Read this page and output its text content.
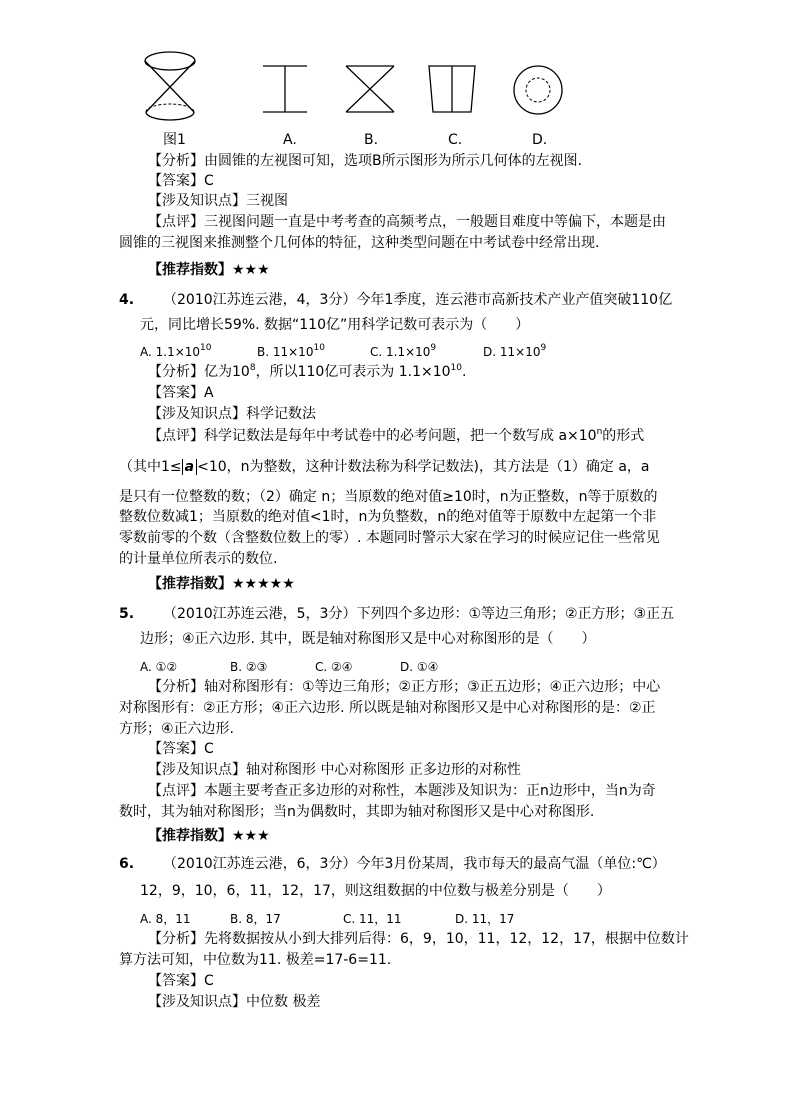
图1	A.	B.	C.	D.
【分析】由圆锥的左视图可知，选项B所示图形为所示几何体的左视图.
【答案】C
【涉及知识点】三视图
【点评】三视图问题一直是中考考查的高频考点，一般题目难度中等偏下，本题是由
圆锥的三视图来推测整个几何体的特征，这种类型问题在中考试卷中经常出现.
【推荐指数】★★★
4. （2010江苏连云港，4，3分）今年1季度，连云港市高新技术产业产值突破110亿
元，同比增长59%. 数据“110亿”用科学记数可表示为（　　）
A. $1.1\times 10^{10}$	B. $11\times 10^{10}$	C. $1.1\times 10^9$	D. $11\times 10^9$
【分析】亿为$10^8$，所以110亿可表示为 $1.1\times 10^{10}$.
【答案】A
【涉及知识点】科学记数法
【点评】科学记数法是每年中考试卷中的必考问题，把一个数写成 $a\times 10^n$的形式
（其中1≤ a <10，n为整数，这种计数法称为科学记数法)，其方法是（1）确定 a，a
是只有一位整数的数；（2）确定 n；当原数的绝对值≥10时，n为正整数，n等于原数的
整数位数减1；当原数的绝对值<1时，n为负整数，n的绝对值等于原数中左起第一个非
零数前零的个数（含整数位数上的零）. 本题同时警示大家在学习的时候应记住一些常见
的计量单位所表示的数位.
【推荐指数】★★★★★
5. （2010江苏连云港，5，3分）下列四个多边形：①等边三角形；②正方形；③正五
边形；④正六边形. 其中，既是轴对称图形又是中心对称图形的是（　　）
A. ①②	B. ②③	C. ②④	D. ①④
【分析】轴对称图形有：①等边三角形；②正方形；③正五边形；④正六边形；中心
对称图形有：②正方形；④正六边形. 所以既是轴对称图形又是中心对称图形的是：②正
方形；④正六边形.
【答案】C
【涉及知识点】轴对称图形 中心对称图形 正多边形的对称性
【点评】本题主要考查正多边形的对称性，本题涉及知识为：正n边形中，当n为奇
数时，其为轴对称图形；当n为偶数时，其即为轴对称图形又是中心对称图形.
【推荐指数】★★★
6. （2010江苏连云港，6，3分）今年3月份某周，我市每天的最高气温（单位:℃）
12，9，10，6，11，12，17，则这组数据的中位数与极差分别是（　　）
A. 8，11	B. 8，17	C. 11，11	D. 11，17
【分析】先将数据按从小到大排列后得：6，9，10，11，12，12，17，根据中位数计
算方法可知，中位数为11. 极差=17-6=11.
【答案】C
【涉及知识点】中位数 极差
